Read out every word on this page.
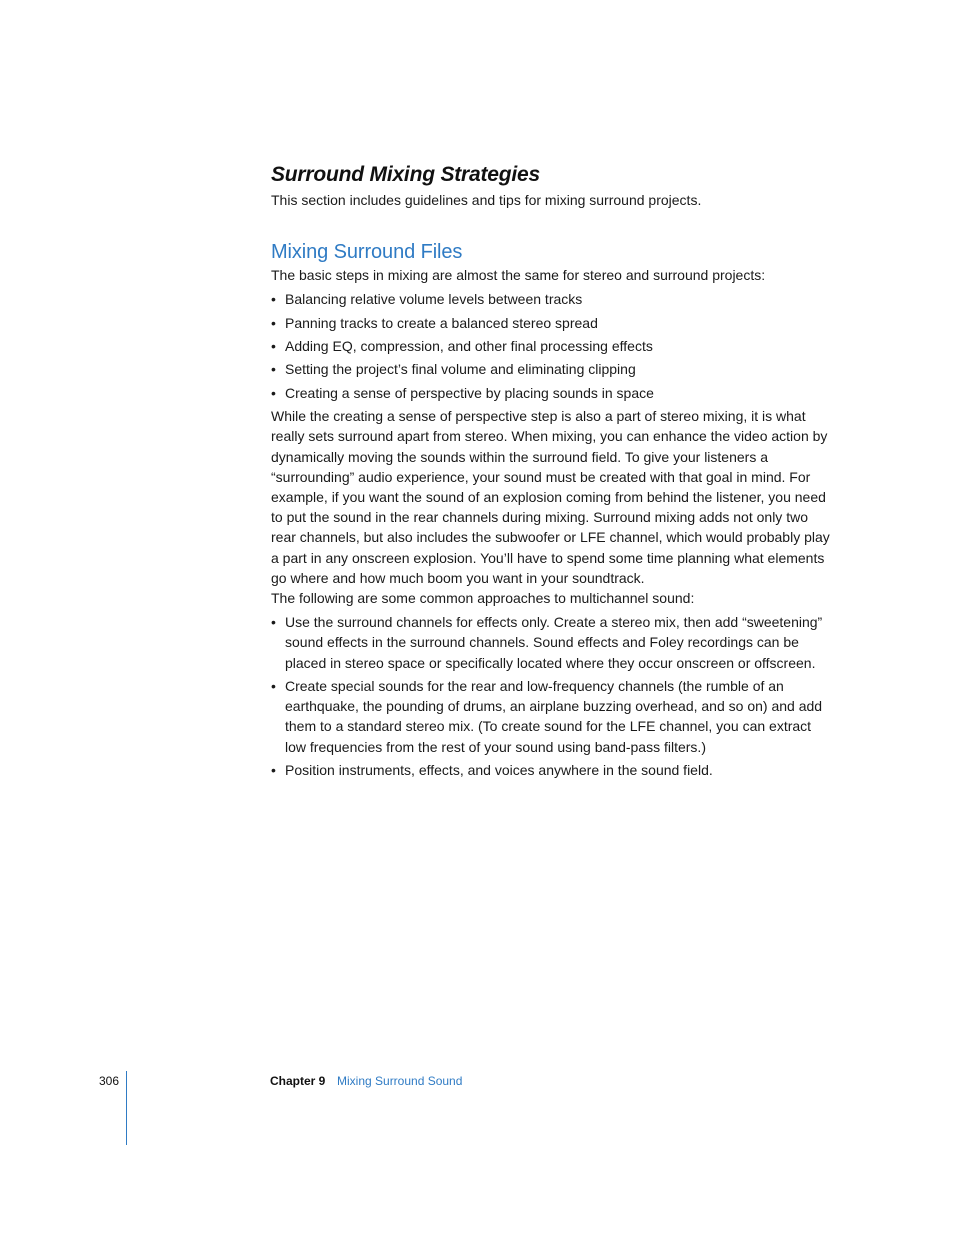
Surround Mixing Strategies

This section includes guidelines and tips for mixing surround projects.

Mixing Surround Files

The basic steps in mixing are almost the same for stereo and surround projects:

• Balancing relative volume levels between tracks
• Panning tracks to create a balanced stereo spread
• Adding EQ, compression, and other final processing effects
• Setting the project’s final volume and eliminating clipping
• Creating a sense of perspective by placing sounds in space

While the creating a sense of perspective step is also a part of stereo mixing, it is what really sets surround apart from stereo. When mixing, you can enhance the video action by dynamically moving the sounds within the surround field. To give your listeners a “surrounding” audio experience, your sound must be created with that goal in mind. For example, if you want the sound of an explosion coming from behind the listener, you need to put the sound in the rear channels during mixing. Surround mixing adds not only two rear channels, but also includes the subwoofer or LFE channel, which would probably play a part in any onscreen explosion. You’ll have to spend some time planning what elements go where and how much boom you want in your soundtrack.

The following are some common approaches to multichannel sound:

• Use the surround channels for effects only. Create a stereo mix, then add “sweetening” sound effects in the surround channels. Sound effects and Foley recordings can be placed in stereo space or specifically located where they occur onscreen or offscreen.
• Create special sounds for the rear and low-frequency channels (the rumble of an earthquake, the pounding of drums, an airplane buzzing overhead, and so on) and add them to a standard stereo mix. (To create sound for the LFE channel, you can extract low frequencies from the rest of your sound using band-pass filters.)
• Position instruments, effects, and voices anywhere in the sound field.
306	Chapter 9 Mixing Surround Sound
